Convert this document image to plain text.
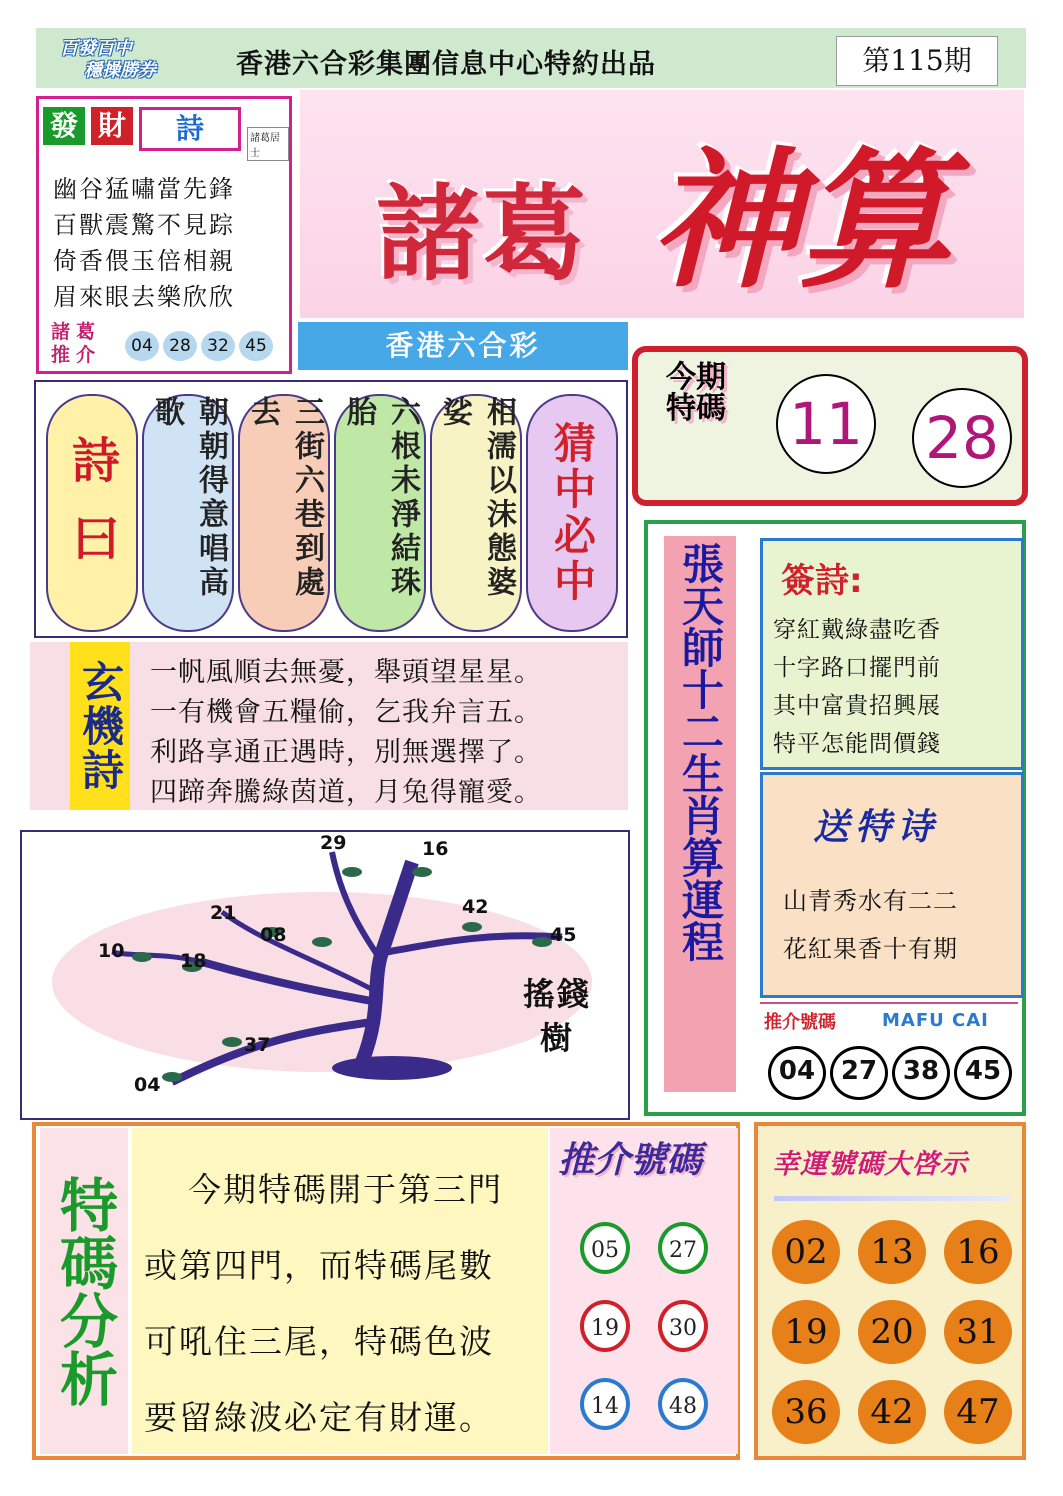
百發百中
穩操勝券	香港六合彩集團信息中心特約出品	第115期
發 財	詩	諸葛居士
幽谷猛嘯當先鋒
百獸震驚不見踪
倚香偎玉倍相親
眉來眼去樂欣欣
諸葛推介	04 28 32 45
諸葛 神算
香港六合彩
今期特碼 11 28
詩曰	朝朝得意唱高歌	三街六巷到處去	六根未淨結珠胎	相濡以沫態婆娑
猜中必中
玄機詩 一帆風順去無憂，舉頭望星星。
一有機會五糧偷，乞我弁言五。
利路享通正遇時，別無選擇了。
四蹄奔騰綠茵道，月兔得寵愛。
29	16
21
08
42
45
10	18
37
04
搖錢樹
張天師十二生肖算運程 簽詩:
穿紅戴綠盡吃香
十字路口擺門前
其中富貴招興展
特平怎能問價錢
送特诗
山青秀水有二二
花紅果香十有期
推介號碼	MAFU CAI
04 27 38 45
特碼分析	今期特碼開于第三門
或第四門，而特碼尾數
可吼住三尾，特碼色波
要留綠波必定有財運。
推介號碼
05	27
19	30
14	48
幸運號碼大啓示
02	13	16
19	20	31
36	42	47
